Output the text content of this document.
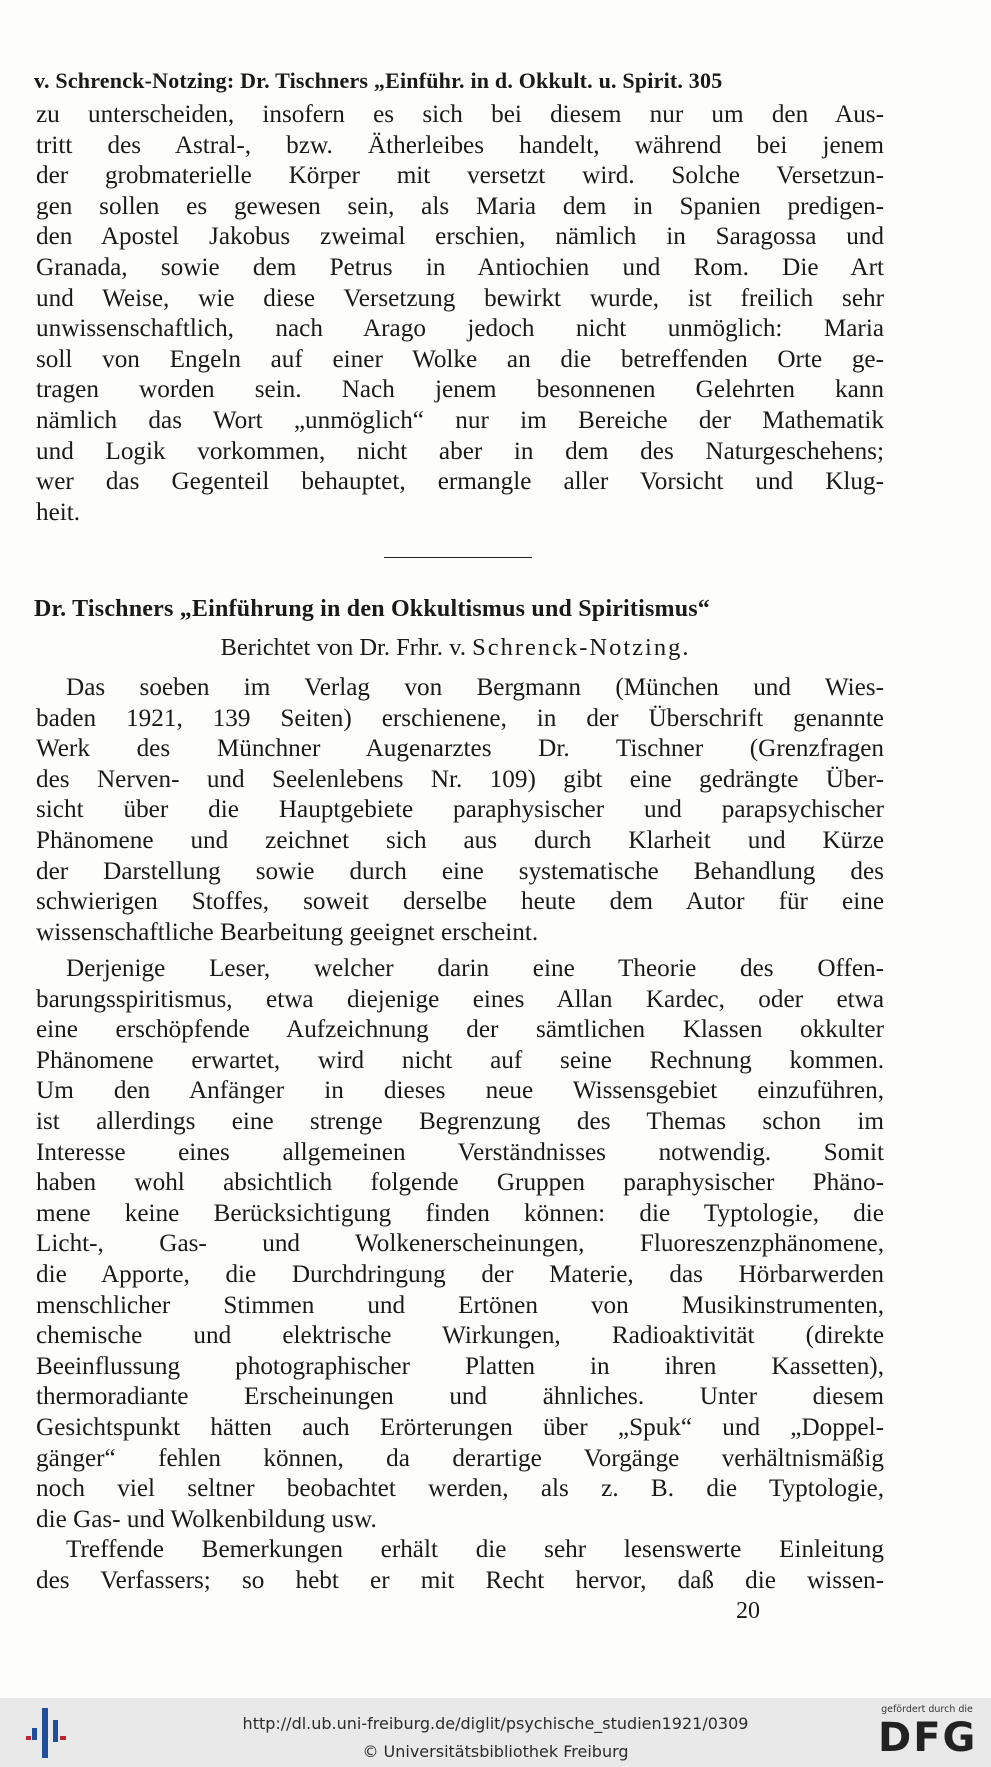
v. Schrenck-Notzing: Dr. Tischners „Einführ. in d. Okkult. u. Spirit. 305
zu unterscheiden, insofern es sich bei diesem nur um den Aus-
tritt des Astral-, bzw. Ätherleibes handelt, während bei jenem
der grobmaterielle Körper mit versetzt wird. Solche Versetzun-
gen sollen es gewesen sein, als Maria dem in Spanien predigen-
den Apostel Jakobus zweimal erschien, nämlich in Saragossa und
Granada, sowie dem Petrus in Antiochien und Rom. Die Art
und Weise, wie diese Versetzung bewirkt wurde, ist freilich sehr
unwissenschaftlich, nach Arago jedoch nicht unmöglich: Maria
soll von Engeln auf einer Wolke an die betreffenden Orte ge-
tragen worden sein. Nach jenem besonnenen Gelehrten kann
nämlich das Wort „unmöglich“ nur im Bereiche der Mathematik
und Logik vorkommen, nicht aber in dem des Naturgeschehens;
wer das Gegenteil behauptet, ermangle aller Vorsicht und Klug-
heit.
Dr. Tischners „Einführung in den Okkultismus und Spiritismus“
Berichtet von Dr. Frhr. v. Schrenck-Notzing.
Das soeben im Verlag von Bergmann (München und Wies-
baden 1921, 139 Seiten) erschienene, in der Überschrift genannte
Werk des Münchner Augenarztes Dr. Tischner (Grenzfragen
des Nerven- und Seelenlebens Nr. 109) gibt eine gedrängte Über-
sicht über die Hauptgebiete paraphysischer und parapsychischer
Phänomene und zeichnet sich aus durch Klarheit und Kürze
der Darstellung sowie durch eine systematische Behandlung des
schwierigen Stoffes, soweit derselbe heute dem Autor für eine
wissenschaftliche Bearbeitung geeignet erscheint.
Derjenige Leser, welcher darin eine Theorie des Offen-
barungsspiritismus, etwa diejenige eines Allan Kardec, oder etwa
eine erschöpfende Aufzeichnung der sämtlichen Klassen okkulter
Phänomene erwartet, wird nicht auf seine Rechnung kommen.
Um den Anfänger in dieses neue Wissensgebiet einzuführen,
ist allerdings eine strenge Begrenzung des Themas schon im
Interesse eines allgemeinen Verständnisses notwendig. Somit
haben wohl absichtlich folgende Gruppen paraphysischer Phäno-
mene keine Berücksichtigung finden können: die Typtologie, die
Licht-, Gas- und Wolkenerscheinungen, Fluoreszenzphänomene,
die Apporte, die Durchdringung der Materie, das Hörbarwerden
menschlicher Stimmen und Ertönen von Musikinstrumenten,
chemische und elektrische Wirkungen, Radioaktivität (direkte
Beeinflussung photographischer Platten in ihren Kassetten),
thermoradiante Erscheinungen und ähnliches. Unter diesem
Gesichtspunkt hätten auch Erörterungen über „Spuk“ und „Doppel-
gänger“ fehlen können, da derartige Vorgänge verhältnismäßig
noch viel seltner beobachtet werden, als z. B. die Typtologie,
die Gas- und Wolkenbildung usw.
Treffende Bemerkungen erhält die sehr lesenswerte Einleitung
des Verfassers; so hebt er mit Recht hervor, daß die wissen-
20
http://dl.ub.uni-freiburg.de/diglit/psychische_studien1921/0309
© Universitätsbibliothek Freiburg
gefördert durch die
DFG
